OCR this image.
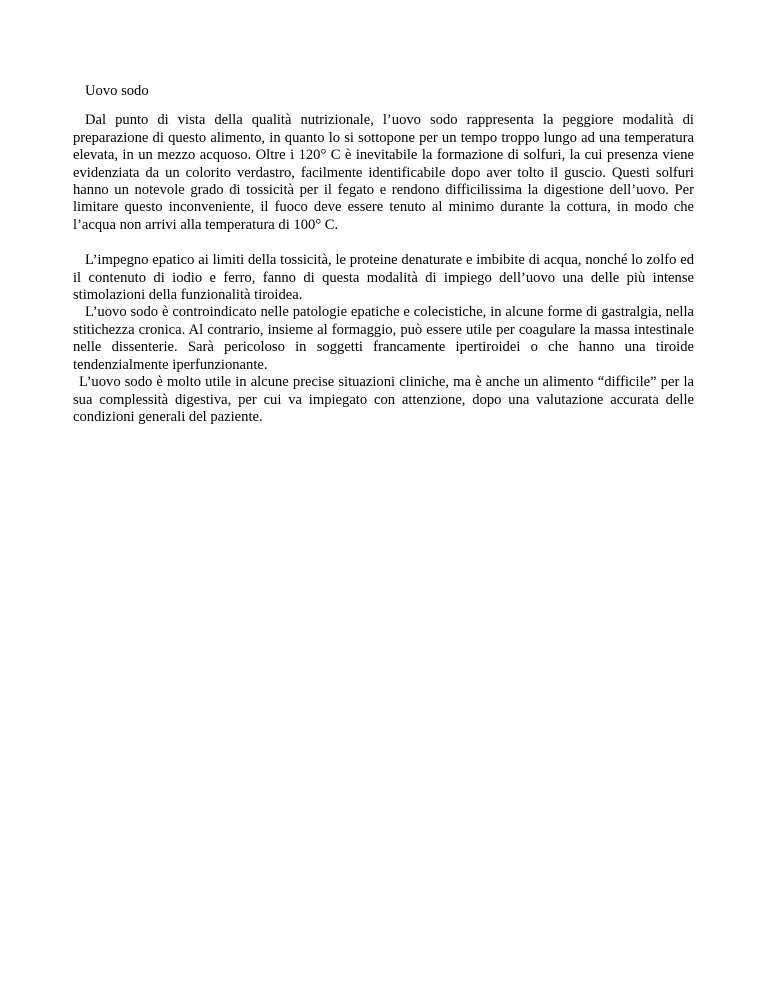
Uovo sodo

Dal punto di vista della qualità nutrizionale, l’uovo sodo rappresenta la peggiore modalità di preparazione di questo alimento, in quanto lo si sottopone per un tempo troppo lungo ad una temperatura elevata, in un mezzo acquoso. Oltre i 120° C è inevitabile la formazione di solfuri, la cui presenza viene evidenziata da un colorito verdastro, facilmente identificabile dopo aver tolto il guscio. Questi solfuri hanno un notevole grado di tossicità per il fegato e rendono difficilissima la digestione dell’uovo. Per limitare questo inconveniente, il fuoco deve essere tenuto al minimo durante la cottura, in modo che l’acqua non arrivi alla temperatura di 100° C.

L’impegno epatico ai limiti della tossicità, le proteine denaturate e imbibite di acqua, nonché lo zolfo ed il contenuto di iodio e ferro, fanno di questa modalità di impiego dell’uovo una delle più intense stimolazioni della funzionalità tiroidea.

L’uovo sodo è controindicato nelle patologie epatiche e colecistiche, in alcune forme di gastralgia, nella stitichezza cronica. Al contrario, insieme al formaggio, può essere utile per coagulare la massa intestinale nelle dissenterie. Sarà pericoloso in soggetti francamente ipertiroidei o che hanno una tiroide tendenzialmente iperfunzionante.

L’uovo sodo è molto utile in alcune precise situazioni cliniche, ma è anche un alimento “difficile” per la sua complessità digestiva, per cui va impiegato con attenzione, dopo una valutazione accurata delle condizioni generali del paziente.
